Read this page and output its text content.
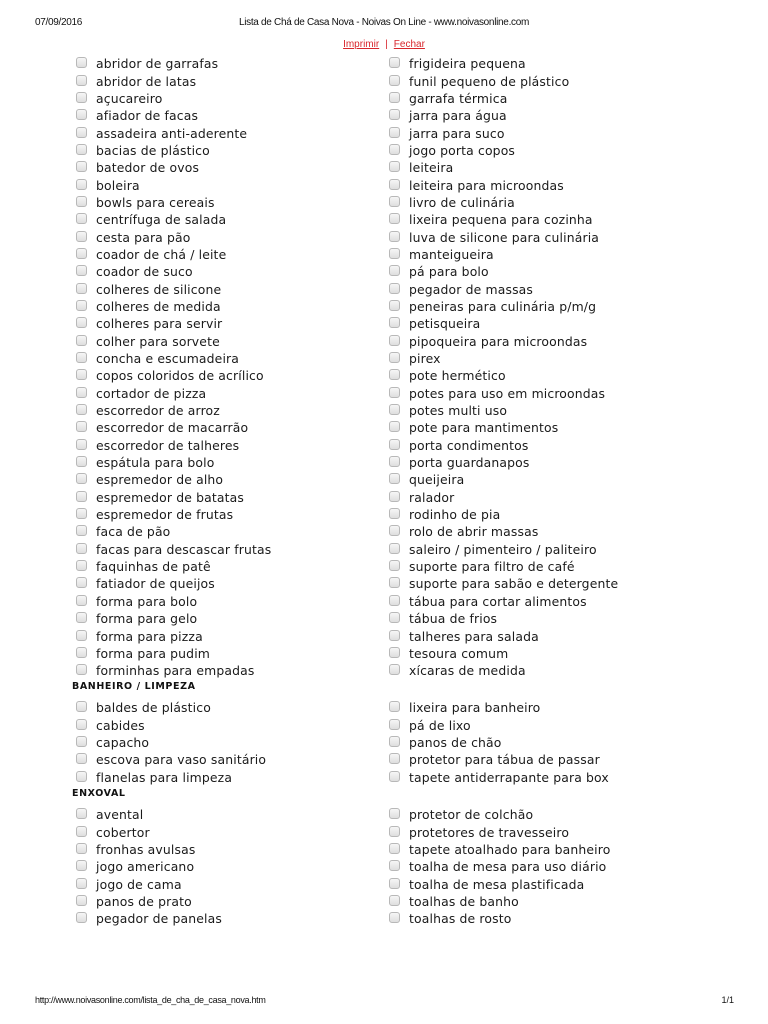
07/09/2016	Lista de Chá de Casa Nova - Noivas On Line - www.noivasonline.com
Imprimir | Fechar
abridor de garrafas
abridor de latas
açucareiro
afiador de facas
assadeira anti-aderente
bacias de plástico
batedor de ovos
boleira
bowls para cereais
centrífuga de salada
cesta para pão
coador de chá / leite
coador de suco
colheres de silicone
colheres de medida
colheres para servir
colher para sorvete
concha e escumadeira
copos coloridos de acrílico
cortador de pizza
escorredor de arroz
escorredor de macarrão
escorredor de talheres
espátula para bolo
espremedor de alho
espremedor de batatas
espremedor de frutas
faca de pão
facas para descascar frutas
faquinhas de patê
fatiador de queijos
forma para bolo
forma para gelo
forma para pizza
forma para pudim
forminhas para empadas
frigideira pequena
funil pequeno de plástico
garrafa térmica
jarra para água
jarra para suco
jogo porta copos
leiteira
leiteira para microondas
livro de culinária
lixeira pequena para cozinha
luva de silicone para culinária
manteigueira
pá para bolo
pegador de massas
peneiras para culinária p/m/g
petisqueira
pipoqueira para microondas
pirex
pote hermético
potes para uso em microondas
potes multi uso
pote para mantimentos
porta condimentos
porta guardanapos
queijeira
ralador
rodinho de pia
rolo de abrir massas
saleiro / pimenteiro / paliteiro
suporte para filtro de café
suporte para sabão e detergente
tábua para cortar alimentos
tábua de frios
talheres para salada
tesoura comum
xícaras de medida
BANHEIRO / LIMPEZA
baldes de plástico
cabides
capacho
escova para vaso sanitário
flanelas para limpeza
lixeira para banheiro
pá de lixo
panos de chão
protetor para tábua de passar
tapete antiderrapante para box
ENXOVAL
avental
cobertor
fronhas avulsas
jogo americano
jogo de cama
panos de prato
pegador de panelas
protetor de colchão
protetores de travesseiro
tapete atoalhado para banheiro
toalha de mesa para uso diário
toalha de mesa plastificada
toalhas de banho
toalhas de rosto
http://www.noivasonline.com/lista_de_cha_de_casa_nova.htm	1/1
